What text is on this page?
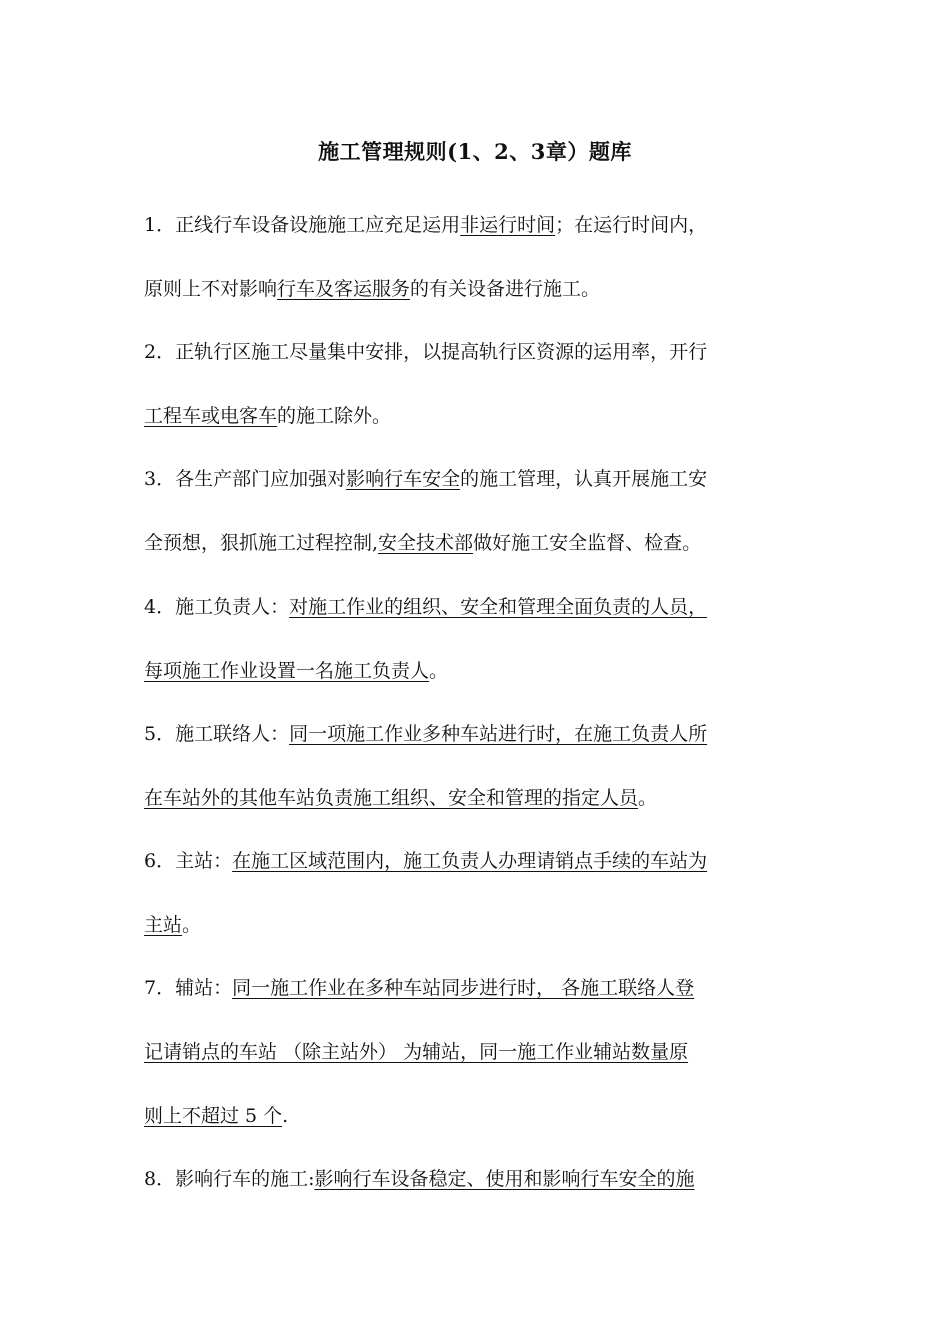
施工管理规则(1、2、3章）题库
1．正线行车设备设施施工应充足运用非运行时间；在运行时间内，
原则上不对影响行车及客运服务的有关设备进行施工。
2．正轨行区施工尽量集中安排，以提高轨行区资源的运用率，开行
工程车或电客车的施工除外。
3．各生产部门应加强对影响行车安全的施工管理，认真开展施工安
全预想，狠抓施工过程控制,安全技术部做好施工安全监督、检查。
4．施工负责人：对施工作业的组织、安全和管理全面负责的人员，
每项施工作业设置一名施工负责人。
5．施工联络人：同一项施工作业多种车站进行时，在施工负责人所
在车站外的其他车站负责施工组织、安全和管理的指定人员。
6．主站：在施工区域范围内，施工负责人办理请销点手续的车站为
主站。
7．辅站：同一施工作业在多种车站同步进行时， 各施工联络人登
记请销点的车站 （除主站外） 为辅站，同一施工作业辅站数量原
则上不超过 5 个.
8．影响行车的施工:影响行车设备稳定、使用和影响行车安全的施
